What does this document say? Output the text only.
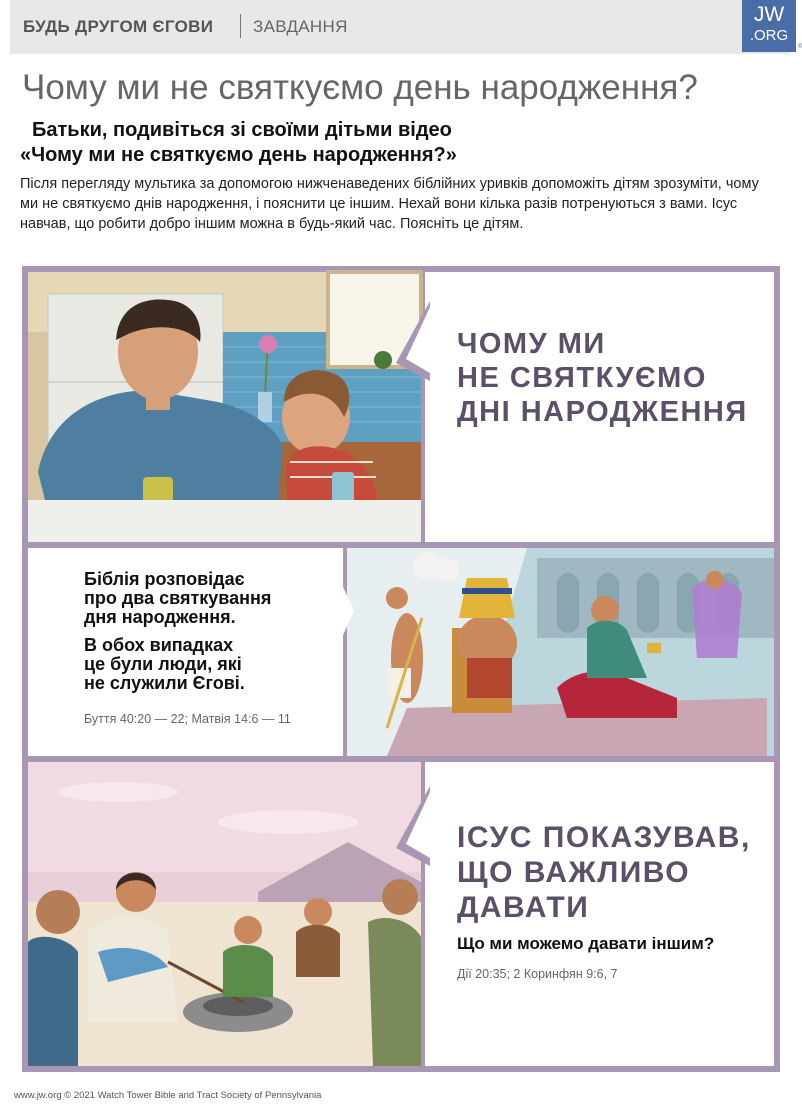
БУДЬ ДРУГОМ ЄГОВИ ЗАВДАННЯ
JW
.ORG
®
Чому ми не святкуємо день народження?
Батьки, подивіться зі своїми дітьми відео
«Чому ми не святкуємо день народження?»

Після перегляду мультика за допомогою нижченаведених біблійних уривків допоможіть дітям зрозуміти, чому ми не святкуємо днів народження, і пояснити це іншим. Нехай вони кілька разів потренуються з вами. Ісус навчав, що робити добро іншим можна в будь-який час. Поясніть це дітям.

ЧОМУ МИ
НЕ СВЯТКУЄМО
ДНІ НАРОДЖЕННЯ

Біблія розповідає
про два святкування
дня народження.

В обох випадках
це були люди, які
не служили Єгові.

Буття 40:20 — 22; Матвія 14:6 — 11
ІСУС ПОКАЗУВАВ,
ЩО ВАЖЛИВО
ДАВАТИ
Що ми можемо давати іншим?
Дії 20:35; 2 Коринфян 9:6, 7
www.jw.org © 2021 Watch Tower Bible and Tract Society of Pennsylvania
